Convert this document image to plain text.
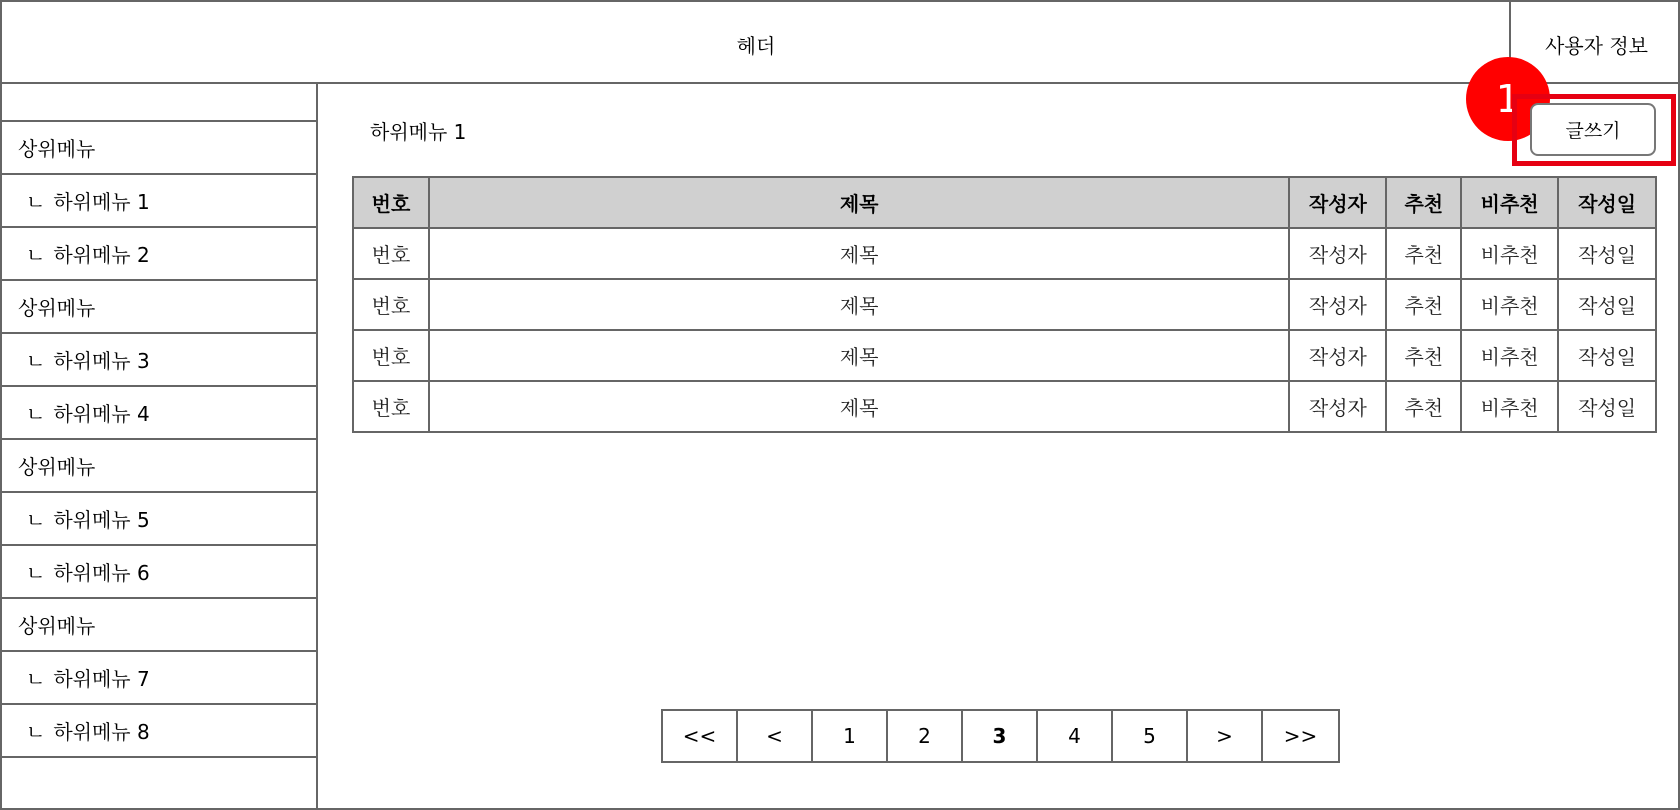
헤더	사용자 정보
상위메뉴
ㄴ 하위메뉴 1
ㄴ 하위메뉴 2
상위메뉴
ㄴ 하위메뉴 3
ㄴ 하위메뉴 4
상위메뉴
ㄴ 하위메뉴 5
ㄴ 하위메뉴 6
상위메뉴
ㄴ 하위메뉴 7
ㄴ 하위메뉴 8
하위메뉴 1
1
글쓰기
번호	제목	작성자	추천	비추천	작성일
번호	제목	작성자	추천	비추천	작성일
번호	제목	작성자	추천	비추천	작성일
번호	제목	작성자	추천	비추천	작성일
번호	제목	작성자	추천	비추천	작성일
<<	<	1	2	3	4	5	>	>>
